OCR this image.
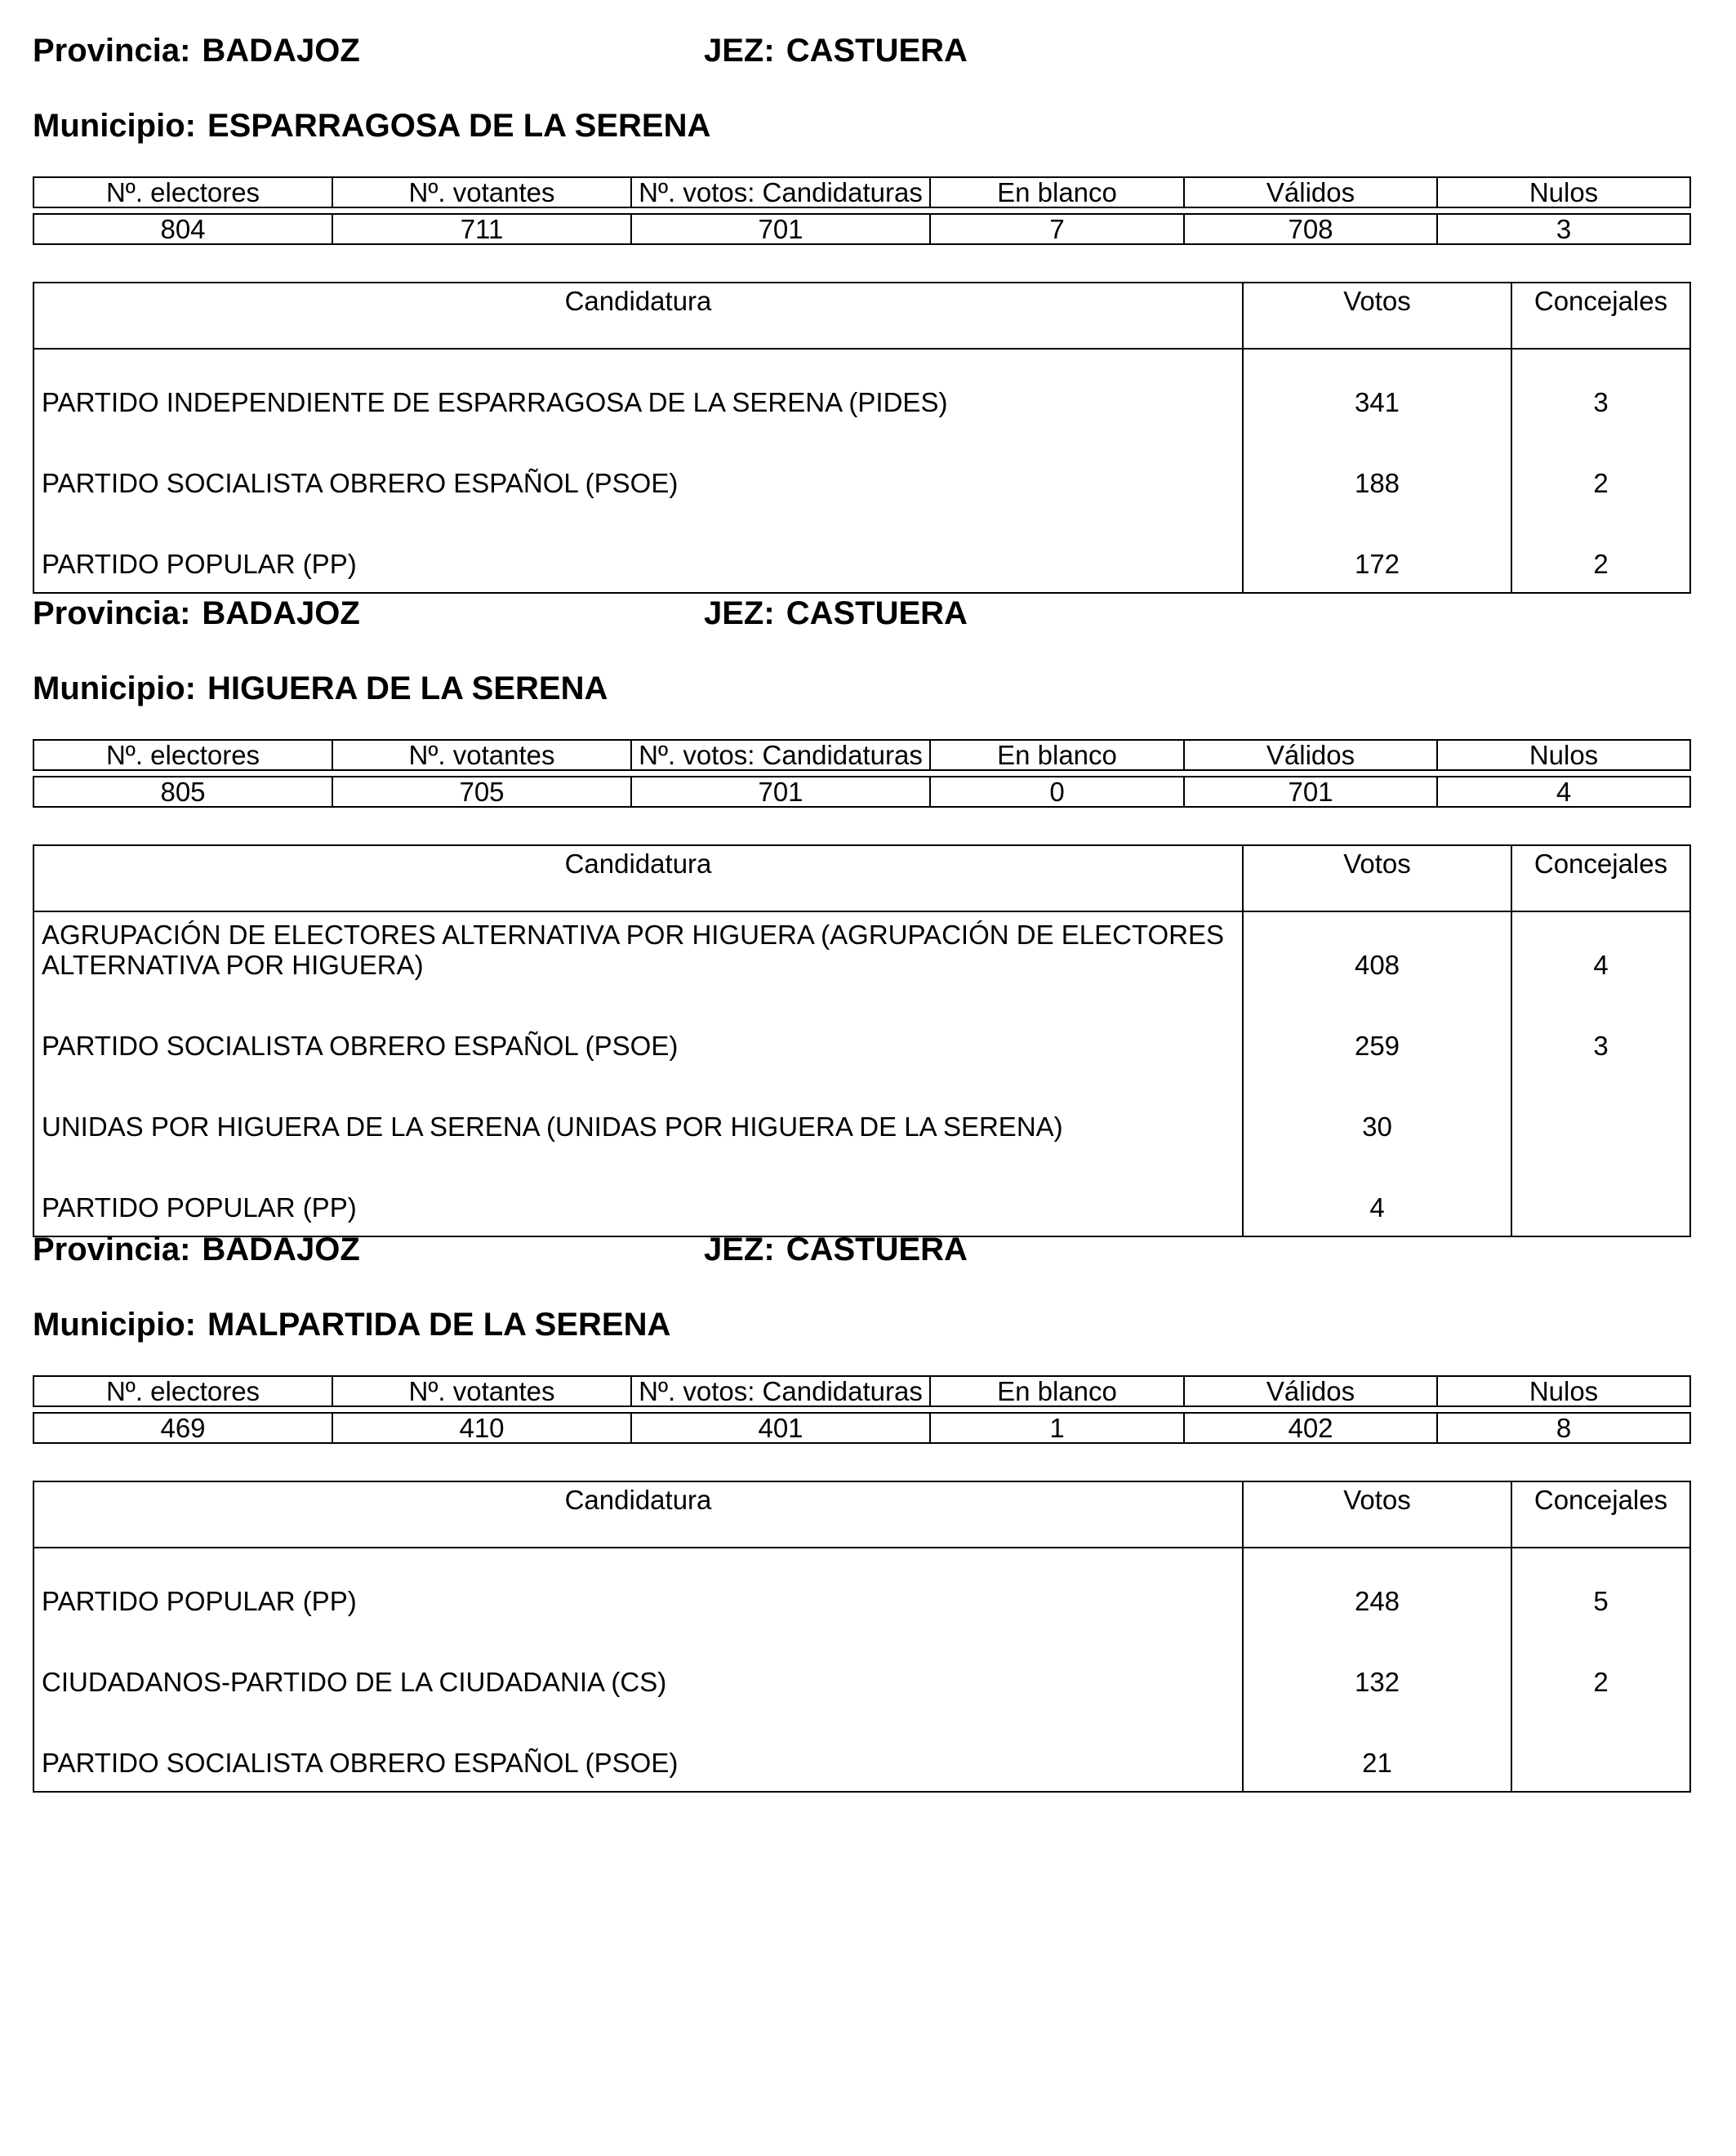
Provincia: BADAJOZ	JEZ: CASTUERA
Municipio: ESPARRAGOSA DE LA SERENA
Nº. electores	Nº. votantes	Nº. votos: Candidaturas	En blanco	Válidos	Nulos

804	711	701	7	708	3
Candidatura	Votos	Concejales
PARTIDO INDEPENDIENTE DE ESPARRAGOSA DE LA SERENA (PIDES)	341	3
PARTIDO SOCIALISTA OBRERO ESPAÑOL (PSOE)	188	2
PARTIDO POPULAR (PP)	172	2
Provincia: BADAJOZ	JEZ: CASTUERA
Municipio: HIGUERA DE LA SERENA
Nº. electores	Nº. votantes	Nº. votos: Candidaturas	En blanco	Válidos	Nulos

805	705	701	0	701	4
Candidatura	Votos	Concejales
AGRUPACIÓN DE ELECTORES ALTERNATIVA POR HIGUERA (AGRUPACIÓN DE ELECTORES ALTERNATIVA POR HIGUERA)	408	4
PARTIDO SOCIALISTA OBRERO ESPAÑOL (PSOE)	259	3
UNIDAS POR HIGUERA DE LA SERENA (UNIDAS POR HIGUERA DE LA SERENA)	30	
PARTIDO POPULAR (PP)	4	
Provincia: BADAJOZ	JEZ: CASTUERA
Municipio: MALPARTIDA DE LA SERENA
Nº. electores	Nº. votantes	Nº. votos: Candidaturas	En blanco	Válidos	Nulos

469	410	401	1	402	8
Candidatura	Votos	Concejales
PARTIDO POPULAR (PP)	248	5
CIUDADANOS-PARTIDO DE LA CIUDADANIA (CS)	132	2
PARTIDO SOCIALISTA OBRERO ESPAÑOL (PSOE)	21	
